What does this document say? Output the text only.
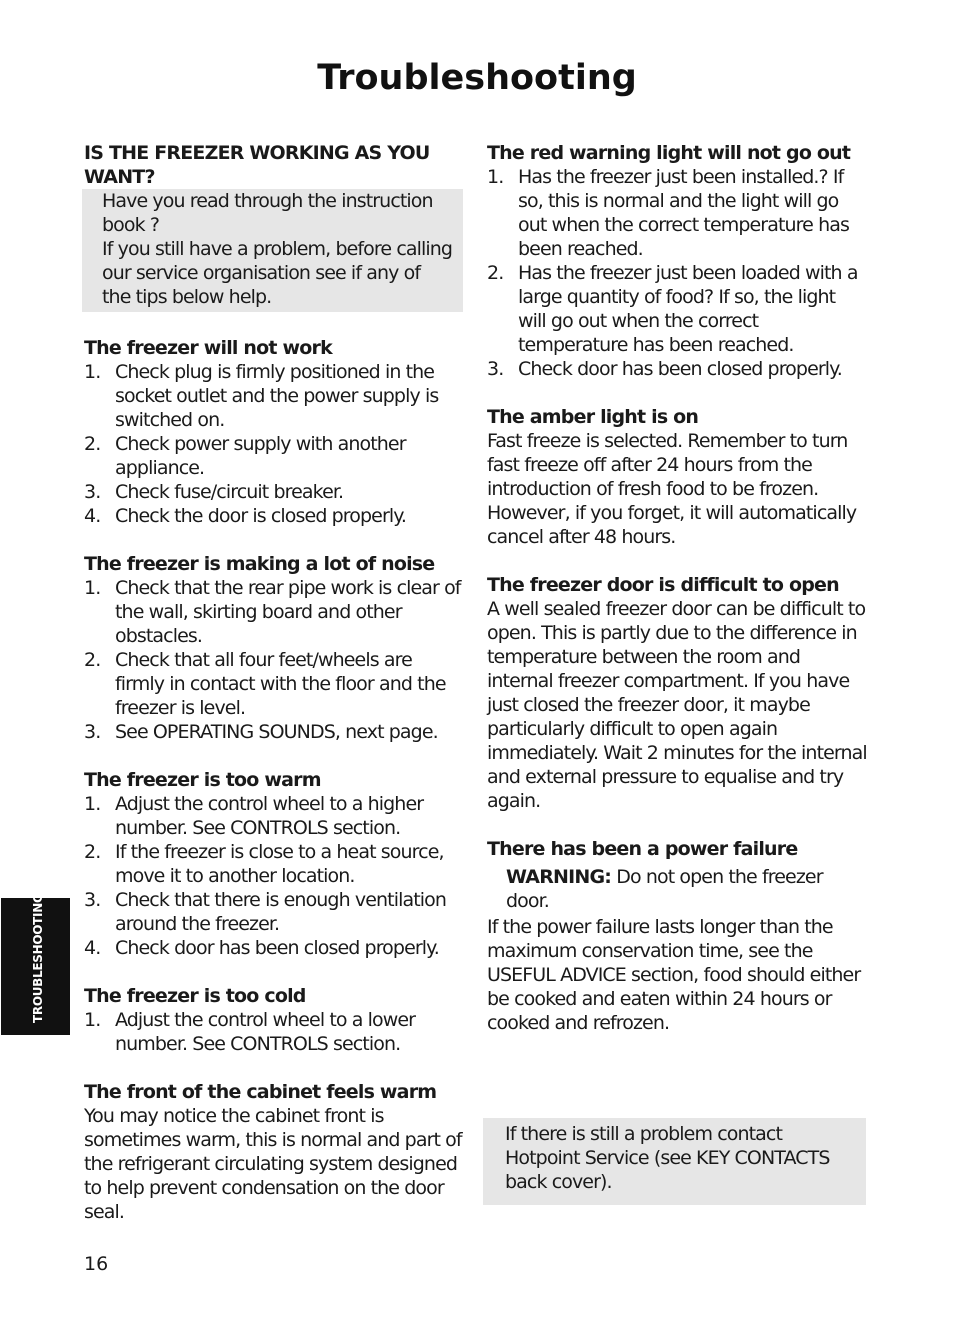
Troubleshooting

IS THE FREEZER WORKING AS YOU WANT?

Have you read through the instruction book ?

If you still have a problem, before calling our service organisation see if any of the tips below help.

The freezer will not work

1. Check plug is firmly positioned in the socket outlet and the power supply is switched on.
2. Check power supply with another appliance.
3. Check fuse/circuit breaker.
4. Check the door is closed properly.

The freezer is making a lot of noise

1. Check that the rear pipe work is clear of the wall, skirting board and other obstacles.
2. Check that all four feet/wheels are firmly in contact with the floor and the freezer is level.
3. See OPERATING SOUNDS, next page.

The freezer is too warm

1. Adjust the control wheel to a higher number. See CONTROLS section.
2. If the freezer is close to a heat source, move it to another location.
3. Check that there is enough ventilation around the freezer.
4. Check door has been closed properly.

The freezer is too cold

1. Adjust the control wheel to a lower number. See CONTROLS section.

The front of the cabinet feels warm

You may notice the cabinet front is sometimes warm, this is normal and part of the refrigerant circulating system designed to help prevent condensation on the door seal.

The red warning light will not go out

1. Has the freezer just been installed.? If so, this is normal and the light will go out when the correct temperature has been reached.
2. Has the freezer just been loaded with a large quantity of food? If so, the light will go out when the correct temperature has been reached.
3. Check door has been closed properly.

The amber light is on

Fast freeze is selected. Remember to turn fast freeze off after 24 hours from the introduction of fresh food to be frozen. However, if you forget, it will automatically cancel after 48 hours.

The freezer door is difficult to open

A well sealed freezer door can be difficult to open. This is partly due to the difference in temperature between the room and internal freezer compartment. If you have just closed the freezer door, it maybe particularly difficult to open again immediately. Wait 2 minutes for the internal and external pressure to equalise and try again.

There has been a power failure

WARNING: Do not open the freezer door.

If the power failure lasts longer than the maximum conservation time, see the USEFUL ADVICE section, food should either be cooked and eaten within 24 hours or cooked and refrozen.

If there is still a problem contact Hotpoint Service (see KEY CONTACTS back cover).

TROUBLESHOOTING
16
